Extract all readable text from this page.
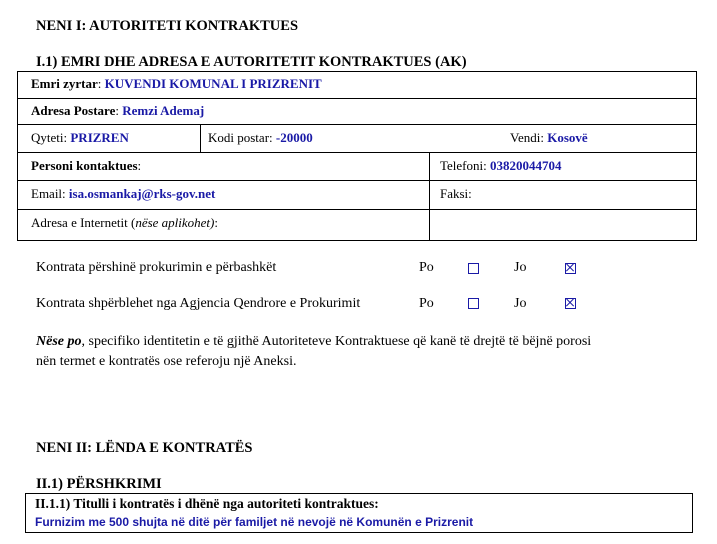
NENI I: AUTORITETI KONTRAKTUES
I.1) EMRI DHE ADRESA E AUTORITETIT KONTRAKTUES (AK)
Emri zyrtar: KUVENDI KOMUNAL I PRIZRENIT
Adresa Postare: Remzi Ademaj
Qyteti: PRIZREN	Kodi postar: -20000	Vendi: Kosovë
Personi kontaktues:	Telefoni: 03820044704
Email: isa.osmankaj@rks-gov.net	Faksi:
Adresa e Internetit (nëse aplikohet):
Kontrata përshinë prokurimin e përbashkët	Po	Jo
Kontrata shpërblehet nga Agjencia Qendrore e Prokurimit	Po	Jo
Nëse po, specifiko identitetin e të gjithë Autoriteteve Kontraktuese që kanë të drejtë të bëjnë porosi
nën termet e kontratës ose referoju një Aneksi.
NENI II: LËNDA E KONTRATËS
II.1) PËRSHKRIMI
II.1.1) Titulli i kontratës i dhënë nga autoriteti kontraktues:
Furnizim me 500 shujta në ditë për familjet në nevojë në Komunën e Prizrenit
